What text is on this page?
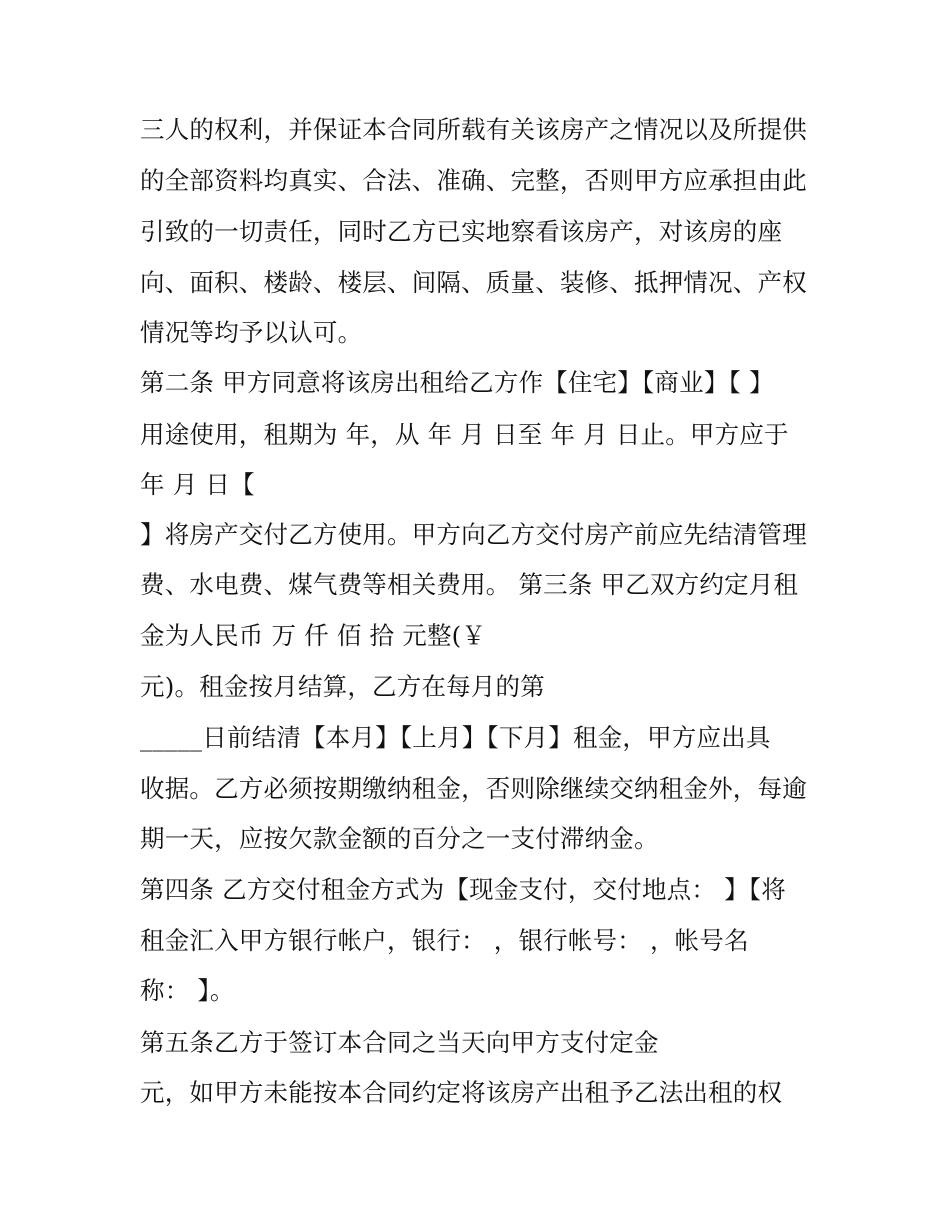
三人的权利，并保证本合同所载有关该房产之情况以及所提供
的全部资料均真实、合法、准确、完整，否则甲方应承担由此
引致的一切责任，同时乙方已实地察看该房产，对该房的座
向、面积、楼龄、楼层、间隔、质量、装修、抵押情况、产权
情况等均予以认可。
第二条 甲方同意将该房出租给乙方作【住宅】【商业】【 】
用途使用，租期为 年，从 年 月 日至 年 月 日止。甲方应于
年 月 日【
】将房产交付乙方使用。甲方向乙方交付房产前应先结清管理
费、水电费、煤气费等相关费用。 第三条 甲乙双方约定月租
金为人民币 万 仟 佰 拾 元整(￥
元)。租金按月结算，乙方在每月的第
_____日前结清【本月】【上月】【下月】租金，甲方应出具
收据。乙方必须按期缴纳租金，否则除继续交纳租金外，每逾
期一天，应按欠款金额的百分之一支付滞纳金。
第四条 乙方交付租金方式为【现金支付，交付地点： 】【将
租金汇入甲方银行帐户，银行： ，银行帐号： ，帐号名
称： 】。
第五条乙方于签订本合同之当天向甲方支付定金
元，如甲方未能按本合同约定将该房产出租予乙法出租的权
